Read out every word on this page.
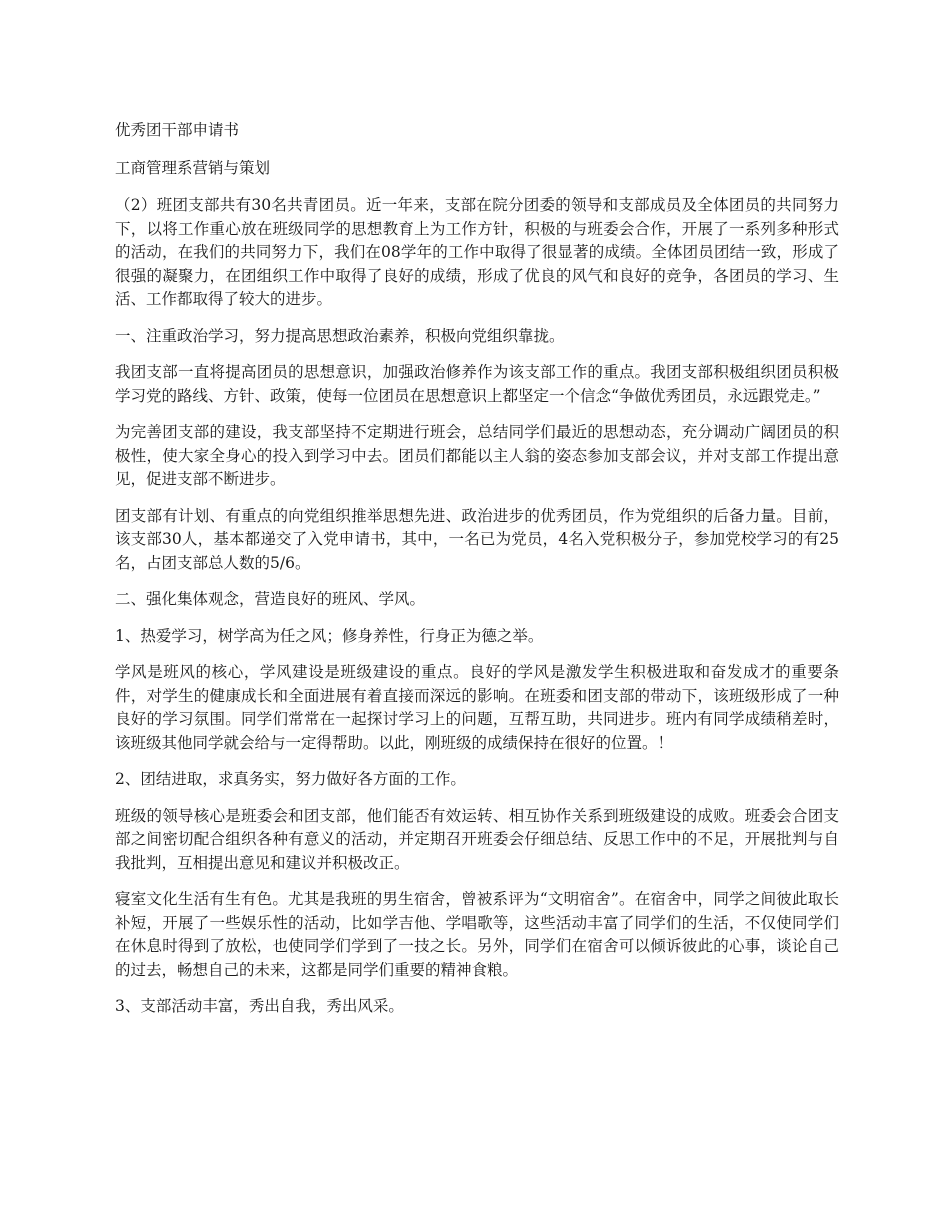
优秀团干部申请书

工商管理系营销与策划

（2）班团支部共有30名共青团员。近一年来，支部在院分团委的领导和支部成员及全体团员的共同努力下，以将工作重心放在班级同学的思想教育上为工作方针，积极的与班委会合作，开展了一系列多种形式的活动，在我们的共同努力下，我们在08学年的工作中取得了很显著的成绩。全体团员团结一致，形成了很强的凝聚力，在团组织工作中取得了良好的成绩，形成了优良的风气和良好的竞争，各团员的学习、生活、工作都取得了较大的进步。

一、注重政治学习，努力提高思想政治素养，积极向党组织靠拢。

我团支部一直将提高团员的思想意识，加强政治修养作为该支部工作的重点。我团支部积极组织团员积极学习党的路线、方针、政策，使每一位团员在思想意识上都坚定一个信念“争做优秀团员，永远跟党走。”

为完善团支部的建设，我支部坚持不定期进行班会，总结同学们最近的思想动态，充分调动广阔团员的积极性，使大家全身心的投入到学习中去。团员们都能以主人翁的姿态参加支部会议，并对支部工作提出意见，促进支部不断进步。

团支部有计划、有重点的向党组织推举思想先进、政治进步的优秀团员，作为党组织的后备力量。目前，该支部30人，基本都递交了入党申请书，其中，一名已为党员，4名入党积极分子，参加党校学习的有25名，占团支部总人数的5/6。

二、强化集体观念，营造良好的班风、学风。

1、热爱学习，树学高为任之风；修身养性，行身正为德之举。

学风是班风的核心，学风建设是班级建设的重点。良好的学风是激发学生积极进取和奋发成才的重要条件，对学生的健康成长和全面进展有着直接而深远的影响。在班委和团支部的带动下，该班级形成了一种良好的学习氛围。同学们常常在一起探讨学习上的问题，互帮互助，共同进步。班内有同学成绩稍差时，该班级其他同学就会给与一定得帮助。以此，刚班级的成绩保持在很好的位置。！

2、团结进取，求真务实，努力做好各方面的工作。

班级的领导核心是班委会和团支部，他们能否有效运转、相互协作关系到班级建设的成败。班委会合团支部之间密切配合组织各种有意义的活动，并定期召开班委会仔细总结、反思工作中的不足，开展批判与自我批判，互相提出意见和建议并积极改正。

寝室文化生活有生有色。尤其是我班的男生宿舍，曾被系评为“文明宿舍”。在宿舍中，同学之间彼此取长补短，开展了一些娱乐性的活动，比如学吉他、学唱歌等，这些活动丰富了同学们的生活，不仅使同学们在休息时得到了放松，也使同学们学到了一技之长。另外，同学们在宿舍可以倾诉彼此的心事，谈论自己的过去，畅想自己的未来，这都是同学们重要的精神食粮。

3、支部活动丰富，秀出自我，秀出风采。
